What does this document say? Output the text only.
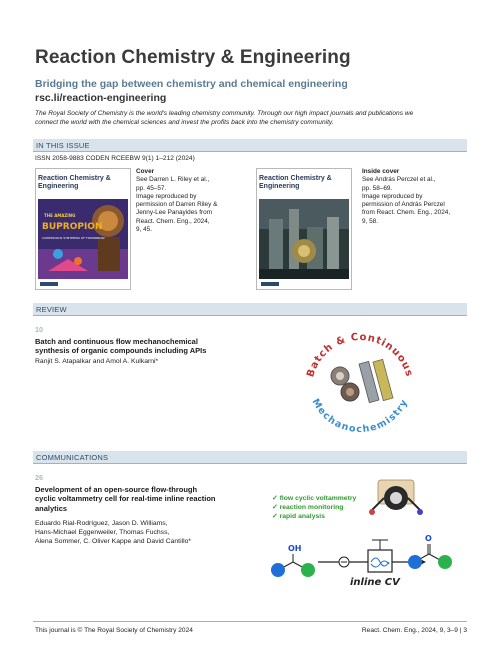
Reaction Chemistry & Engineering
Bridging the gap between chemistry and chemical engineering
rsc.li/reaction-engineering
The Royal Society of Chemistry is the world's leading chemistry community. Through our high impact journals and publications we
connect the world with the chemical sciences and invest the profits back into the chemistry community.
IN THIS ISSUE
ISSN 2058-9883 CODEN RCEEBW 9(1) 1–212 (2024)
Reaction Chemistry & Engineering
THE AMAZING
BUPROPION
CONTINUOUS SYNTHESIS OF TOMORROW
Cover
See Darren L. Riley et al.,
pp. 45–57.
Image reproduced by
permission of Darren Riley &
Jenny-Lee Panayides from
React. Chem. Eng., 2024,
9, 45.
Reaction Chemistry & Engineering
Inside cover
See András Perczel et al.,
pp. 58–69.
Image reproduced by
permission of András Perczel
from React. Chem. Eng., 2024,
9, 58.
REVIEW
10
Batch and continuous flow mechanochemical
synthesis of organic compounds including APIs
Ranjit S. Atapalkar and Amol A. Kulkarni*
Batch & Continuous
Mechanochemistry
COMMUNICATIONS
26
Development of an open-source flow-through
cyclic voltammetry cell for real-time inline reaction
analytics
Eduardo Rial-Rodríguez, Jason D. Williams,
Hans-Michael Eggenweiler, Thomas Fuchss,
Alena Sommer, C. Oliver Kappe and David Cantillo*
✓ flow cyclic voltammetry
✓ reaction monitoring
✓ rapid analysis
OH
O
inline CV
This journal is © The Royal Society of Chemistry 2024	React. Chem. Eng., 2024, 9, 3–9 | 3
